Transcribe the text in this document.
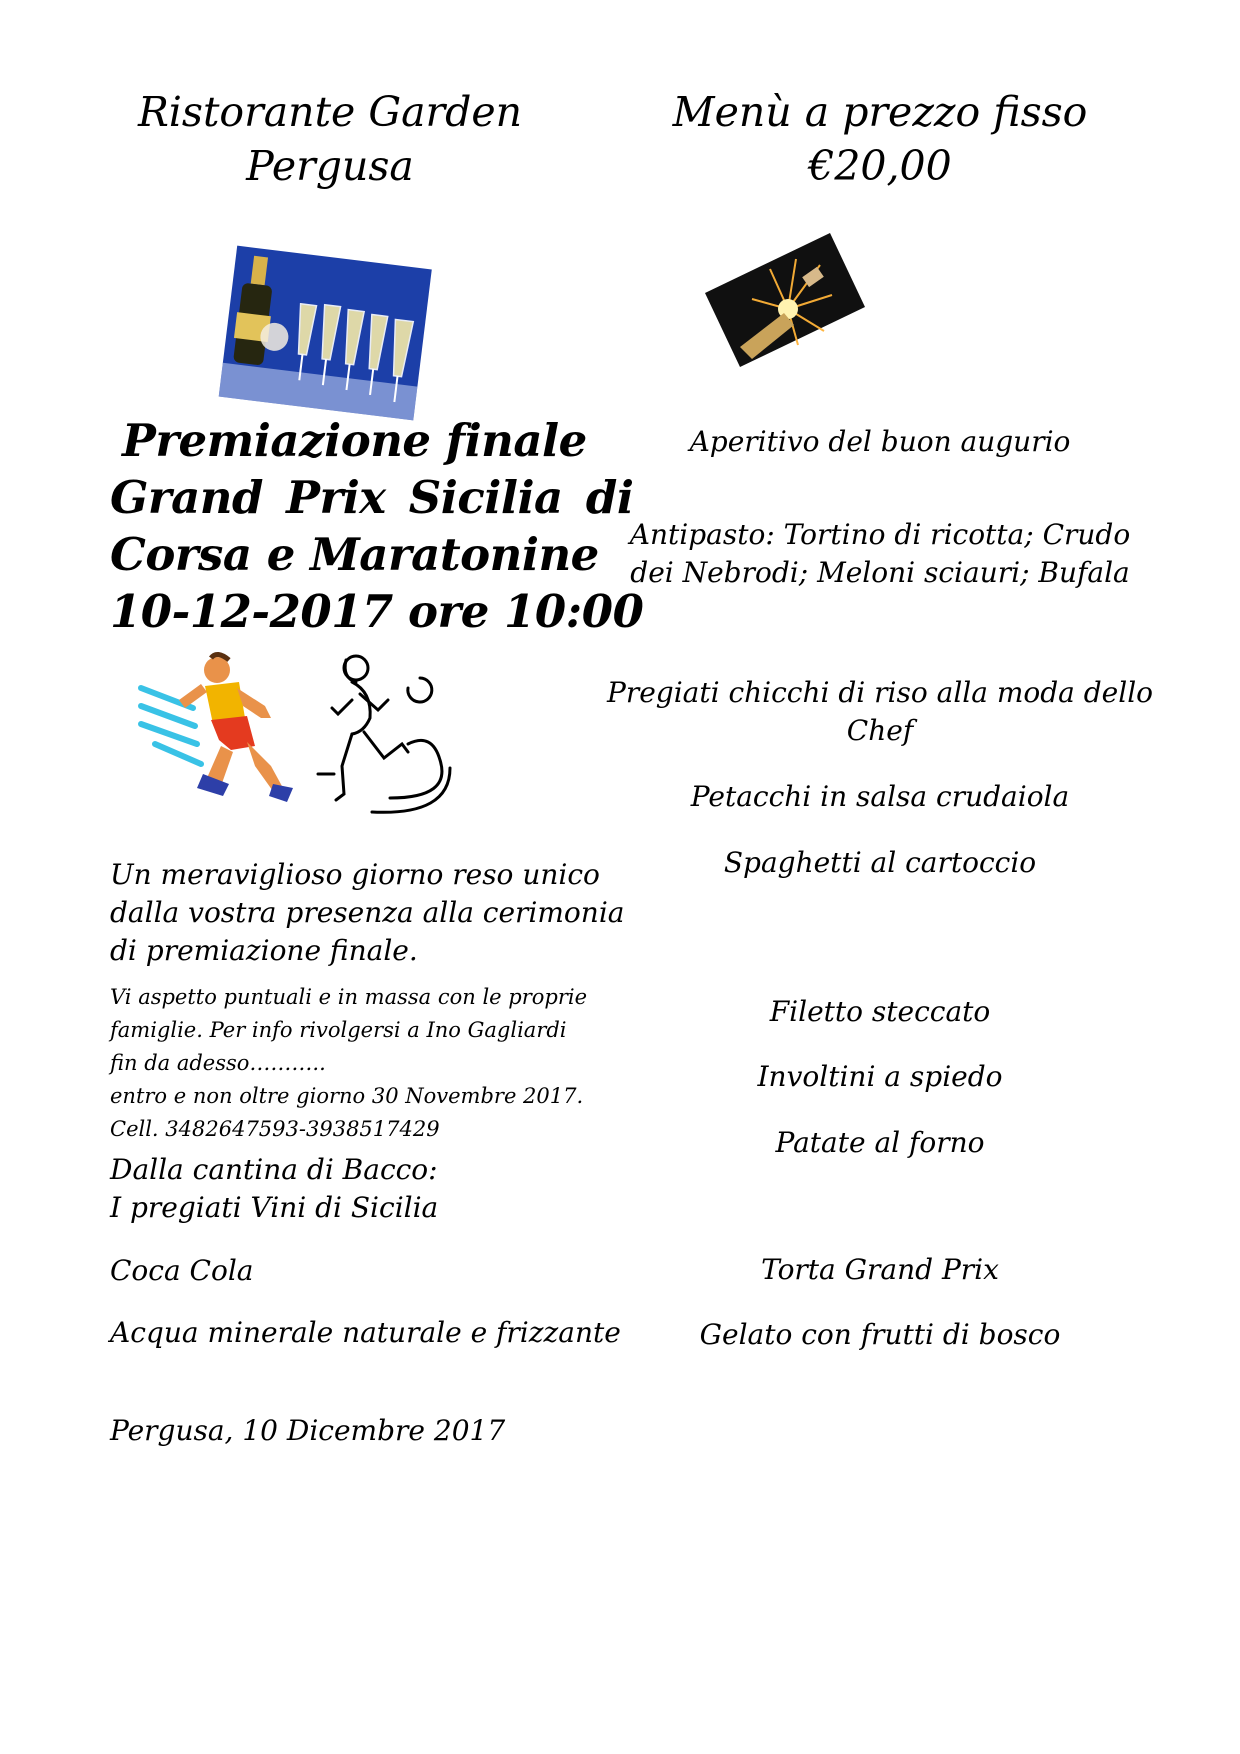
Ristorante Garden
Pergusa
Menù a prezzo fisso
€20,00
Premiazione finale
Grand Prix Sicilia di
Corsa e Maratonine
10-12-2017 ore 10:00
Un meraviglioso giorno reso unico
dalla vostra presenza alla cerimonia
di premiazione finale.
Vi aspetto puntuali e in massa con le proprie
famiglie. Per info rivolgersi a Ino Gagliardi
fin da adesso………..
entro e non oltre giorno 30 Novembre 2017.
Cell. 3482647593-3938517429
Dalla cantina di Bacco:
I pregiati Vini di Sicilia
Coca Cola
Acqua minerale naturale e frizzante
Pergusa, 10 Dicembre 2017
Aperitivo del buon augurio
Antipasto: Tortino di ricotta; Crudo
dei Nebrodi; Meloni sciauri; Bufala
Pregiati chicchi di riso alla moda dello
Chef
Petacchi in salsa crudaiola
Spaghetti al cartoccio
Filetto steccato
Involtini a spiedo
Patate al forno
Torta Grand Prix
Gelato con frutti di bosco
